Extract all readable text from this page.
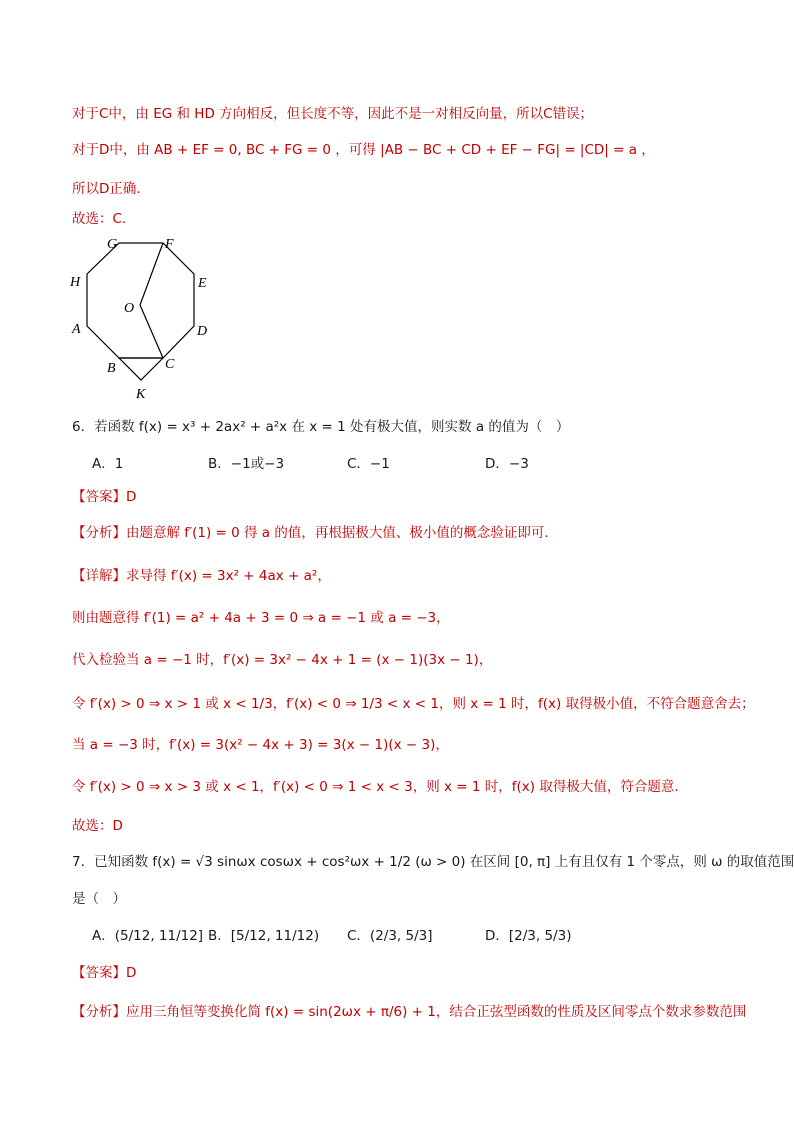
对于C中，由 EG 和 HD 方向相反，但长度不等，因此不是一对相反向量，所以C错误；
对于D中，由 AB + EF = 0, BC + FG = 0 ，可得 |AB − BC + CD + EF − FG| = |CD| = a ，
所以D正确.
故选：C.
G	F
H	E
O
A	D
B	C
K
6．若函数 f(x) = x³ + 2ax² + a²x 在 x = 1 处有极大值，则实数 a 的值为（　）
A．1	B．−1或−3	C．−1	D．−3
【答案】D
【分析】由题意解 f′(1) = 0 得 a 的值，再根据极大值、极小值的概念验证即可.
【详解】求导得 f′(x) = 3x² + 4ax + a²，
则由题意得 f′(1) = a² + 4a + 3 = 0 ⇒ a = −1 或 a = −3，
代入检验当 a = −1 时，f′(x) = 3x² − 4x + 1 = (x − 1)(3x − 1)，
令 f′(x) > 0 ⇒ x > 1 或 x < 1/3，f′(x) < 0 ⇒ 1/3 < x < 1，则 x = 1 时，f(x) 取得极小值，不符合题意舍去；
当 a = −3 时，f′(x) = 3(x² − 4x + 3) = 3(x − 1)(x − 3)，
令 f′(x) > 0 ⇒ x > 3 或 x < 1，f′(x) < 0 ⇒ 1 < x < 3，则 x = 1 时，f(x) 取得极大值，符合题意.
故选：D
7．已知函数 f(x) = √3 sinωx cosωx + cos²ωx + 1/2 (ω > 0) 在区间 [0, π] 上有且仅有 1 个零点，则 ω 的取值范围
是（　）
A．(5/12, 11/12] B．[5/12, 11/12) C．(2/3, 5/3]	D．[2/3, 5/3)
【答案】D
【分析】应用三角恒等变换化简 f(x) = sin(2ωx + π/6) + 1，结合正弦型函数的性质及区间零点个数求参数范围
